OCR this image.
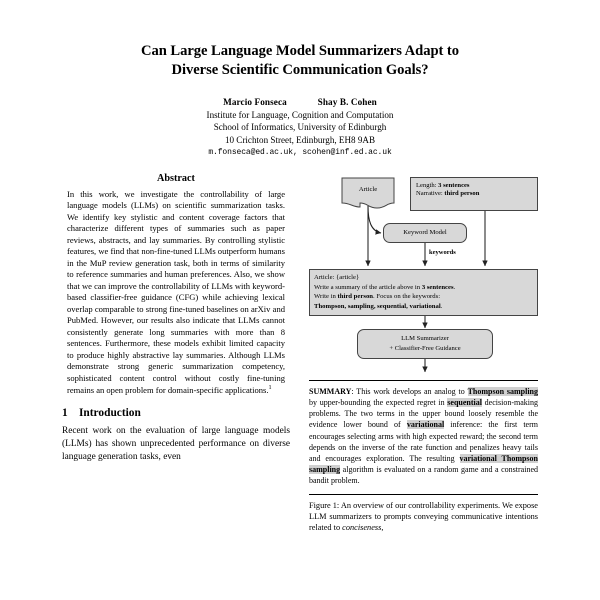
Can Large Language Model Summarizers Adapt to
Diverse Scientific Communication Goals?
Marcio Fonseca	Shay B. Cohen
Institute for Language, Cognition and Computation
School of Informatics, University of Edinburgh
10 Crichton Street, Edinburgh, EH8 9AB
m.fonseca@ed.ac.uk, scohen@inf.ed.ac.uk
Abstract

In this work, we investigate the controllability of large language models (LLMs) on scientific summarization tasks. We identify key stylistic and content coverage factors that characterize different types of summaries such as paper reviews, abstracts, and lay summaries. By controlling stylistic features, we find that non-fine-tuned LLMs outperform humans in the MuP review generation task, both in terms of similarity to reference summaries and human preferences. Also, we show that we can improve the controllability of LLMs with keyword-based classifier-free guidance (CFG) while achieving lexical overlap comparable to strong fine-tuned baselines on arXiv and PubMed. However, our results also indicate that LLMs cannot consistently generate long summaries with more than 8 sentences. Furthermore, these models exhibit limited capacity to produce highly abstractive lay summaries. Although LLMs demonstrate strong generic summarization competency, sophisticated content control without costly fine-tuning remains an open problem for domain-specific applications.$^1$

1 Introduction

Recent work on the evaluation of large language models (LLMs) has shown unprecedented performance on diverse language generation tasks, even

Article
Length: 3 sentences
Narrative: third person
Keyword Model
keywords
Article: {article}
Write a summary of the article above in 3 sentences.
Write in third person. Focus on the keywords:
Thompson, sampling, sequential, variational.
LLM Summarizer
+ Classifier-Free Guidance

SUMMARY: This work develops an analog to Thompson sampling by upper-bounding the expected regret in sequential decision-making problems. The two terms in the upper bound loosely resemble the evidence lower bound of variational inference: the first term encourages selecting arms with high expected reward; the second term depends on the inverse of the rate function and penalizes heavy tails and encourages exploration. The resulting variational Thompson sampling algorithm is evaluated on a random game and a constrained bandit problem.

Figure 1: An overview of our controllability experiments. We expose LLM summarizers to prompts conveying communicative intentions related to conciseness,
